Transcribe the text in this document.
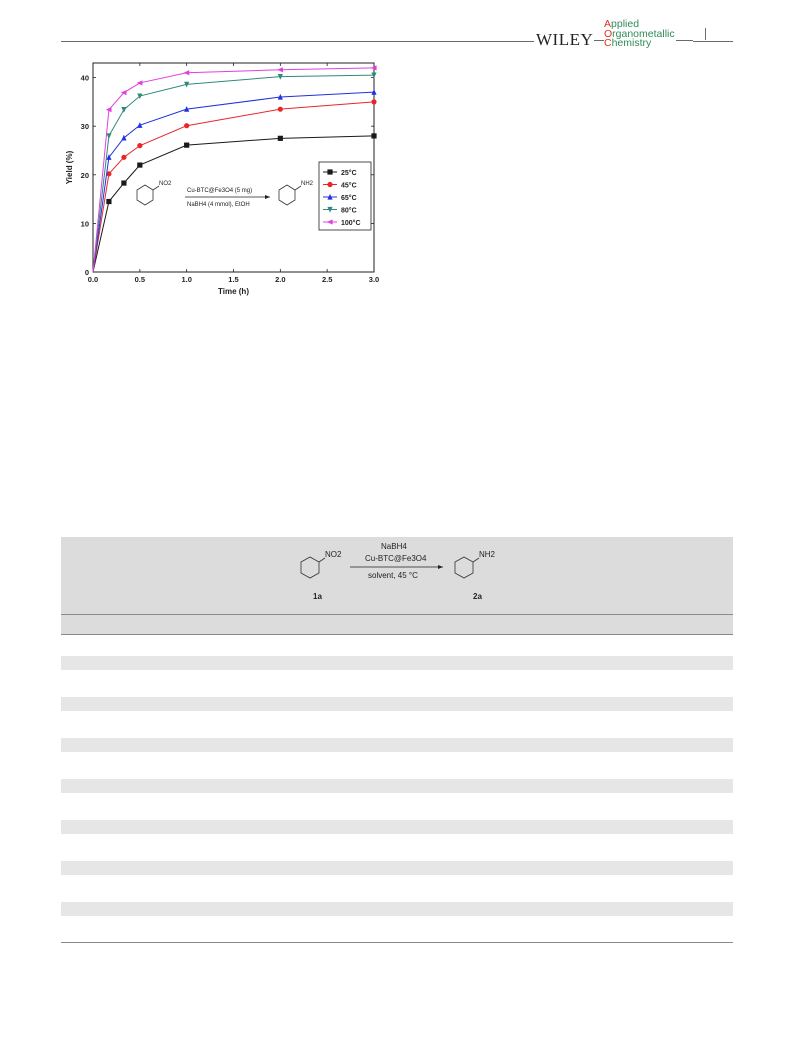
WILEY
Applied
Organometallic
Chemistry
Time (h)
Yield (%)
0.0	0.5	1.0	1.5	2.0	2.5	3.0
0
10
20
30
40
25°C
45°C
65°C
80°C
100°C
NO2
Cu-BTC@Fe3O4 (5 mg)
NaBH4 (4 mmol), EtOH
NH2
NO2
NaBH4
Cu-BTC@Fe3O4
solvent, 45 °C
NH2
1a	2a
